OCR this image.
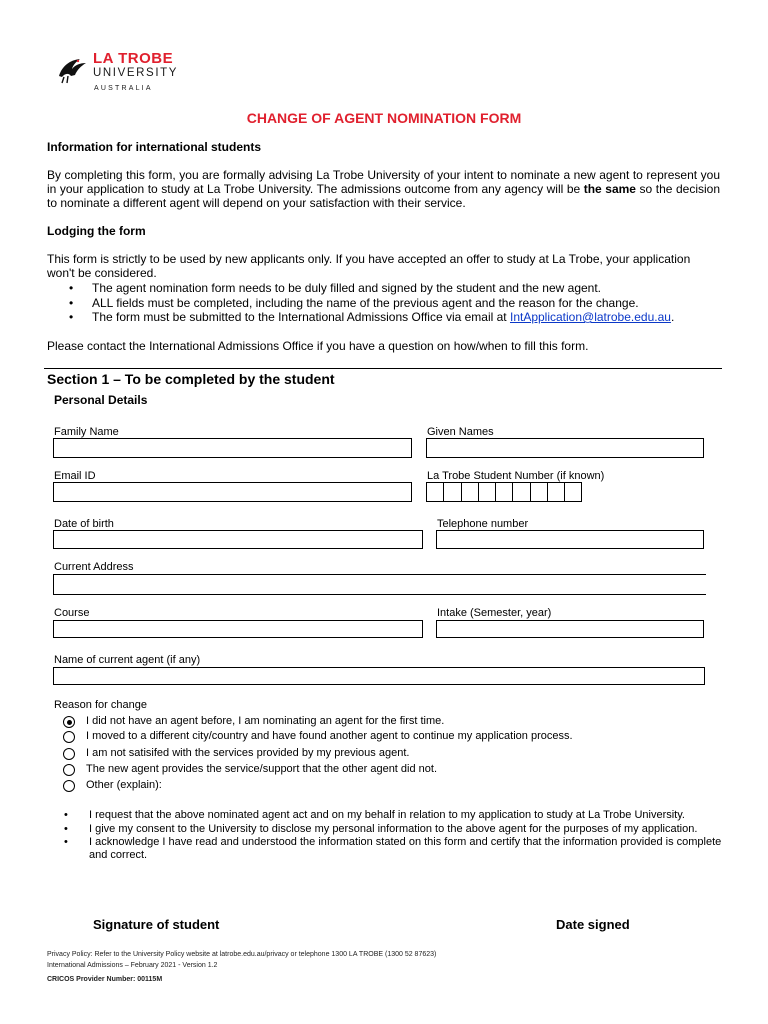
LA TROBE
UNIVERSITY
AUSTRALIA
CHANGE OF AGENT NOMINATION FORM
Information for international students
By completing this form, you are formally advising La Trobe University of your intent to nominate a new agent to represent you in your application to study at La Trobe University. The admissions outcome from any agency will be the same so the decision to nominate a different agent will depend on your satisfaction with their service.
Lodging the form
This form is strictly to be used by new applicants only. If you have accepted an offer to study at La Trobe, your application won't be considered.
• The agent nomination form needs to be duly filled and signed by the student and the new agent.
• ALL fields must be completed, including the name of the previous agent and the reason for the change.
• The form must be submitted to the International Admissions Office via email at IntApplication@latrobe.edu.au.
Please contact the International Admissions Office if you have a question on how/when to fill this form.
Section 1 – To be completed by the student
Personal Details
Family Name	Given Names
Email ID	La Trobe Student Number (if known)
Date of birth	Telephone number
Current Address
Course	Intake (Semester, year)
Name of current agent (if any)
Reason for change
I did not have an agent before, I am nominating an agent for the first time.
I moved to a different city/country and have found another agent to continue my application process.
I am not satisifed with the services provided by my previous agent.
The new agent provides the service/support that the other agent did not.
Other (explain):
• I request that the above nominated agent act and on my behalf in relation to my application to study at La Trobe University.
• I give my consent to the University to disclose my personal information to the above agent for the purposes of my application.
• I acknowledge I have read and understood the information stated on this form and certify that the information provided is complete and correct.
Signature of student	Date signed
Privacy Policy: Refer to the University Policy website at latrobe.edu.au/privacy or telephone 1300 LA TROBE (1300 52 87623)
International Admissions – February 2021 - Version 1.2
CRICOS Provider Number: 00115M
